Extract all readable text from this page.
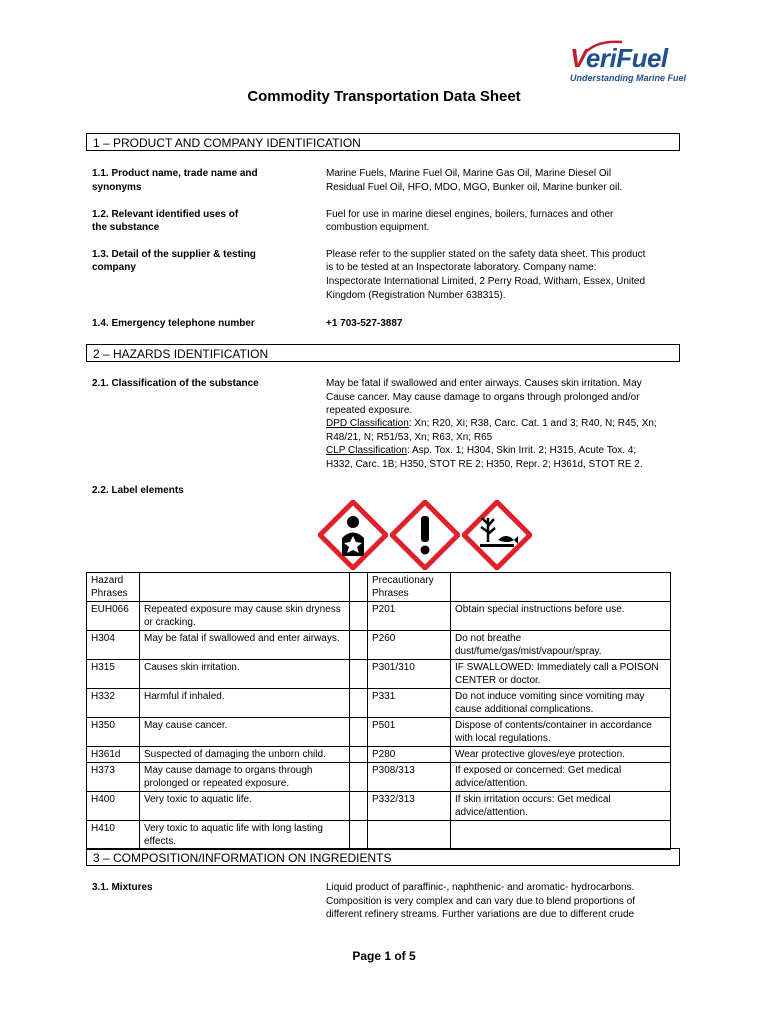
VeriFuel
Understanding Marine Fuel
Commodity Transportation Data Sheet
1 – PRODUCT AND COMPANY IDENTIFICATION
1.1. Product name, trade name and
synonyms
Marine Fuels, Marine Fuel Oil, Marine Gas Oil, Marine Diesel Oil
Residual Fuel Oil, HFO, MDO, MGO, Bunker oil, Marine bunker oil.
1.2. Relevant identified uses of
the substance
Fuel for use in marine diesel engines, boilers, furnaces and other
combustion equipment.
1.3. Detail of the supplier & testing
company
Please refer to the supplier stated on the safety data sheet. This product
is to be tested at an Inspectorate laboratory. Company name:
Inspectorate International Limited, 2 Perry Road, Witham, Essex, United
Kingdom (Registration Number 638315).
1.4. Emergency telephone number	+1 703-527-3887
2 – HAZARDS IDENTIFICATION
2.1. Classification of the substance	May be fatal if swallowed and enter airways. Causes skin irritation. May
Cause cancer. May cause damage to organs through prolonged and/or
repeated exposure.
DPD Classification: Xn; R20, Xi; R38, Carc. Cat. 1 and 3; R40, N; R45, Xn;
R48/21, N; R51/53, Xn; R63, Xn; R65
CLP Classification: Asp. Tox. 1; H304, Skin Irrit. 2; H315, Acute Tox. 4;
H332, Carc. 1B; H350, STOT RE 2; H350, Repr. 2; H361d, STOT RE 2.
2.2. Label elements
Hazard Phrases			Precautionary Phrases	
EUH066	Repeated exposure may cause skin dryness or cracking.		P201	Obtain special instructions before use.
H304	May be fatal if swallowed and enter airways.		P260	Do not breathe dust/fume/gas/mist/vapour/spray.
H315	Causes skin irritation.		P301/310	IF SWALLOWED: Immediately call a POISON CENTER or doctor.
H332	Harmful if inhaled.		P331	Do not induce vomiting since vomiting may cause additional complications.
H350	May cause cancer.		P501	Dispose of contents/container in accordance with local regulations.
H361d	Suspected of damaging the unborn child.		P280	Wear protective gloves/eye protection.
H373	May cause damage to organs through prolonged or repeated exposure.		P308/313	If exposed or concerned: Get medical advice/attention.
H400	Very toxic to aquatic life.		P332/313	If skin irritation occurs: Get medical advice/attention.
H410	Very toxic to aquatic life with long lasting effects.			
3 – COMPOSITION/INFORMATION ON INGREDIENTS
3.1. Mixtures	Liquid product of paraffinic-, naphthenic- and aromatic- hydrocarbons.
Composition is very complex and can vary due to blend proportions of
different refinery streams. Further variations are due to different crude
Page 1 of 5
